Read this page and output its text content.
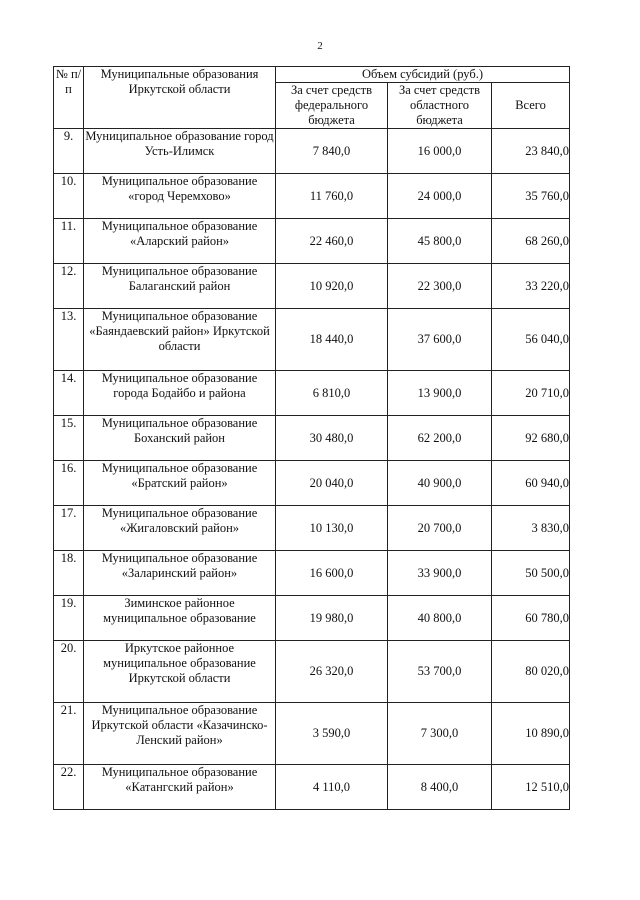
2
№ п/п	Муниципальные образования Иркутской области	Объем субсидий (руб.)		
		За счет средств федерального бюджета	За счет средств областного бюджета	Всего
9.	Муниципальное образование город Усть-Илимск	7 840,0	16 000,0	23 840,0
10.	Муниципальное образование «город Черемхово»	11 760,0	24 000,0	35 760,0
11.	Муниципальное образование «Аларский район»	22 460,0	45 800,0	68 260,0
12.	Муниципальное образование Балаганский район	10 920,0	22 300,0	33 220,0
13.	Муниципальное образование «Баяндаевский район» Иркутской области	18 440,0	37 600,0	56 040,0
14.	Муниципальное образование города Бодайбо и района	6 810,0	13 900,0	20 710,0
15.	Муниципальное образование Боханский район	30 480,0	62 200,0	92 680,0
16.	Муниципальное образование «Братский район»	20 040,0	40 900,0	60 940,0
17.	Муниципальное образование «Жигаловский район»	10 130,0	20 700,0	3 830,0
18.	Муниципальное образование «Заларинский район»	16 600,0	33 900,0	50 500,0
19.	Зиминское районное муниципальное образование	19 980,0	40 800,0	60 780,0
20.	Иркутское районное муниципальное образование Иркутской области	26 320,0	53 700,0	80 020,0
21.	Муниципальное образование Иркутской области «Казачинско-Ленский район»	3 590,0	7 300,0	10 890,0
22.	Муниципальное образование «Катангский район»	4 110,0	8 400,0	12 510,0
